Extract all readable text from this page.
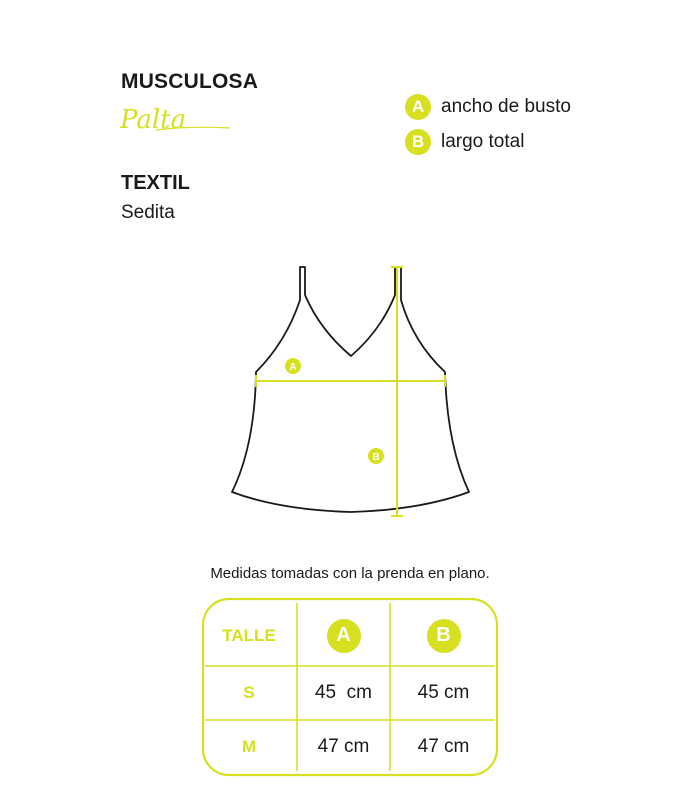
MUSCULOSA
Palta
TEXTIL
Sedita
A ancho de busto
B largo total
A
B
Medidas tomadas con la prenda en plano.
TALLE	A	B
S	45  cm	45 cm
M	47 cm	47 cm
